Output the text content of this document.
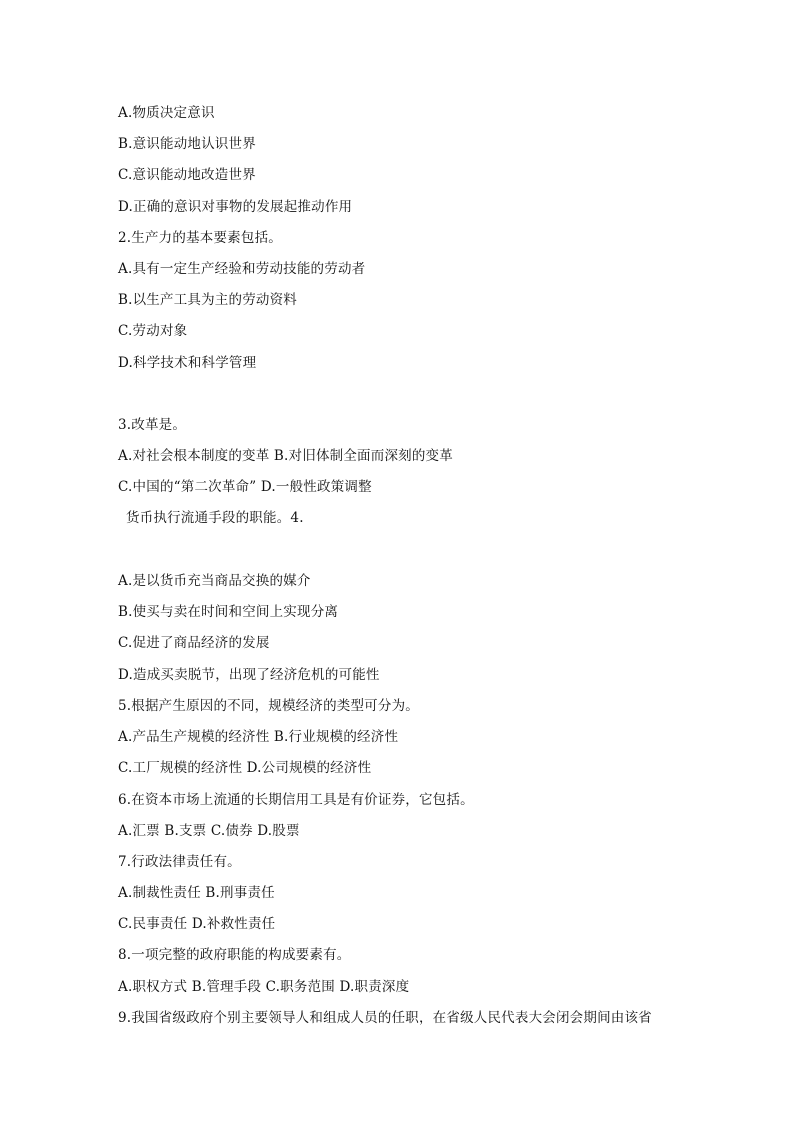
A.物质决定意识
B.意识能动地认识世界
C.意识能动地改造世界
D.正确的意识对事物的发展起推动作用
2.生产力的基本要素包括。
A.具有一定生产经验和劳动技能的劳动者
B.以生产工具为主的劳动资料
C.劳动对象
D.科学技术和科学管理
3.改革是。
A.对社会根本制度的变革 B.对旧体制全面而深刻的变革
C.中国的“第二次革命” D.一般性政策调整
货币执行流通手段的职能。4.
A.是以货币充当商品交换的媒介
B.使买与卖在时间和空间上实现分离
C.促进了商品经济的发展
D.造成买卖脱节，出现了经济危机的可能性
5.根据产生原因的不同，规模经济的类型可分为。
A.产品生产规模的经济性 B.行业规模的经济性
C.工厂规模的经济性 D.公司规模的经济性
6.在资本市场上流通的长期信用工具是有价证券，它包括。
A.汇票 B.支票 C.债券 D.股票
7.行政法律责任有。
A.制裁性责任 B.刑事责任
C.民事责任 D.补救性责任
8.一项完整的政府职能的构成要素有。
A.职权方式 B.管理手段 C.职务范围 D.职责深度
9.我国省级政府个别主要领导人和组成人员的任职，在省级人民代表大会闭会期间由该省
